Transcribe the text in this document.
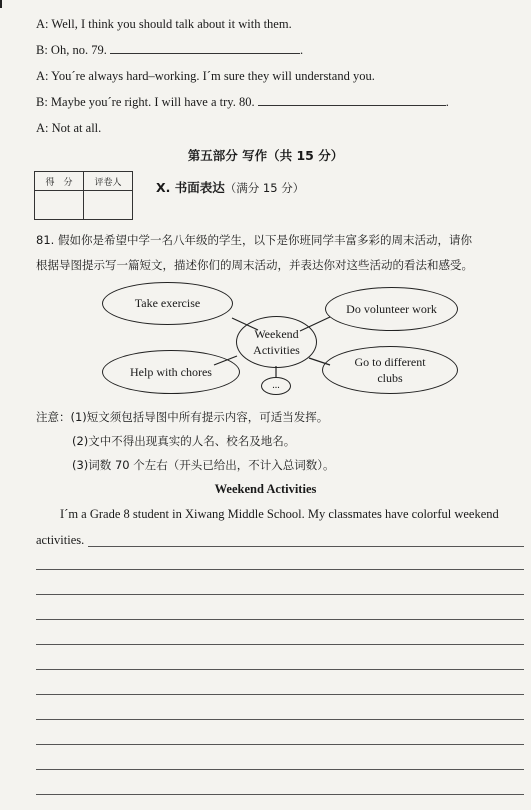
A: Well, I think you should talk about it with them.
B: Oh, no. 79.	.
A: You´re always hard–working. I´m sure they will understand you.
B: Maybe you´re right. I will have a try. 80.	.
A: Not at all.
第五部分 写作（共 15 分）
得　分	评卷人
		X. 书面表达（满分 15 分）
81. 假如你是希望中学一名八年级的学生，以下是你班同学丰富多彩的周末活动，请你
根据导图提示写一篇短文，描述你们的周末活动，并表达你对这些活动的看法和感受。
Take exercise	Do volunteer work
Weekend
Activities
Help with chores
Go to different
clubs
...
注意：(1)短文须包括导图中所有提示内容，可适当发挥。
(2)文中不得出现真实的人名、校名及地名。
(3)词数 70 个左右（开头已给出，不计入总词数）。
Weekend Activities
I´m a Grade 8 student in Xiwang Middle School. My classmates have colorful weekend
activities.
